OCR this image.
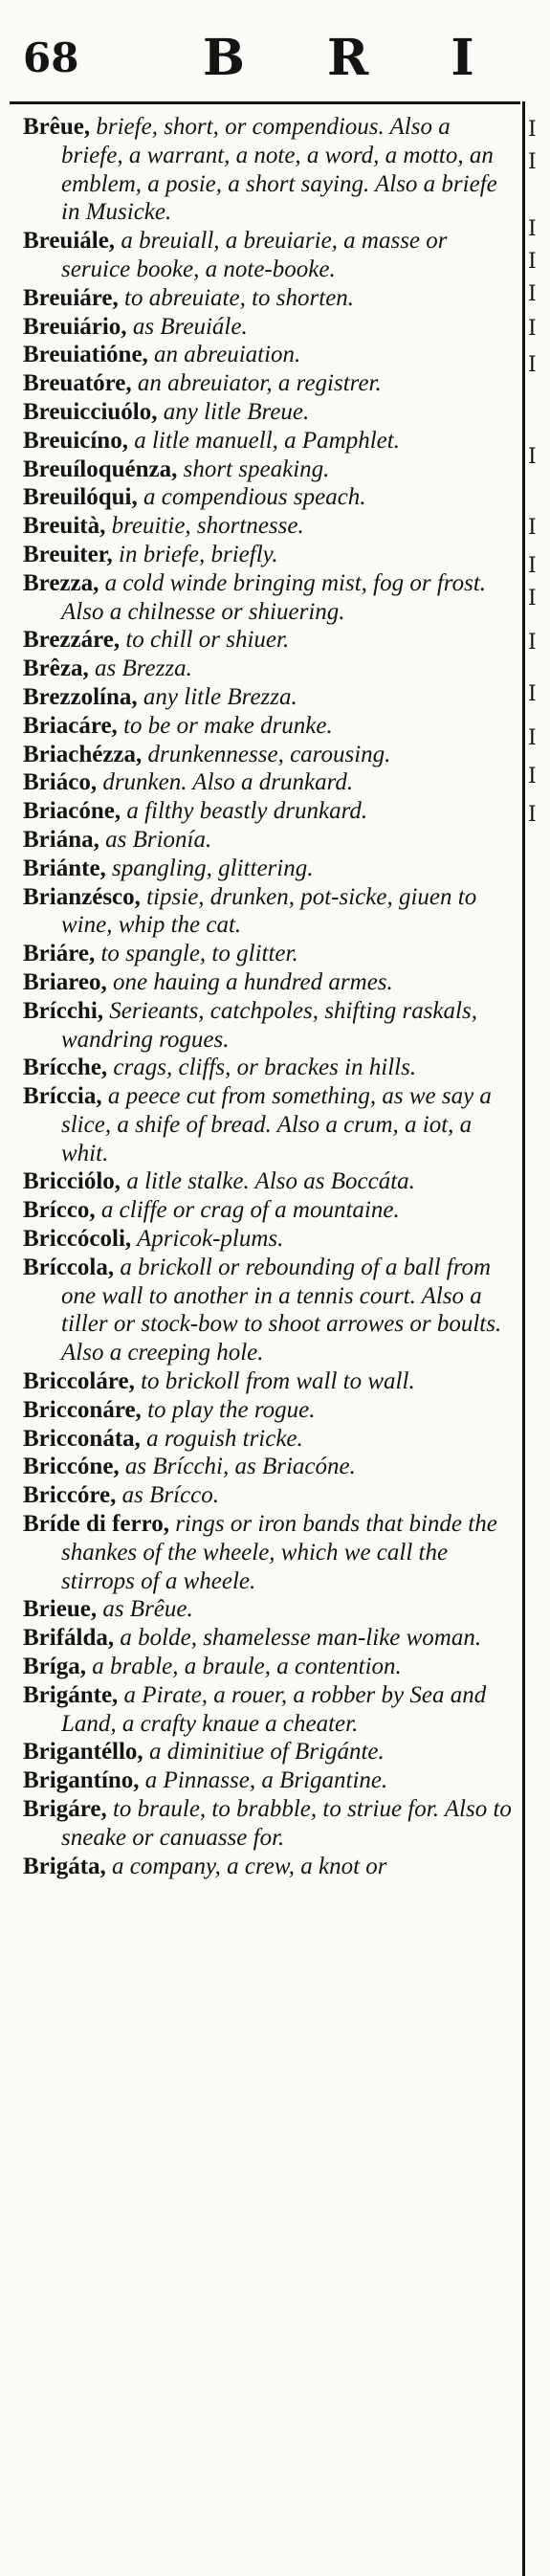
68 B R I

Brêue, briefe, short, or compendious. Also a briefe, a warrant, a note, a word, a motto, an emblem, a posie, a short saying. Also a briefe in Musicke.

Breuiále, a breuiall, a breuiarie, a masse or seruice booke, a note-booke.

Breuiáre, to abreuiate, to shorten.

Breuiário, as Breuiále.

Breuiatióne, an abreuiation.

Breuatóre, an abreuiator, a registrer.

Breuicciuólo, any litle Breue.

Breuicíno, a litle manuell, a Pamphlet.

Breuíloquénza, short speaking.

Breuilóqui, a compendious speach.

Breuità, breuitie, shortnesse.

Breuiter, in briefe, briefly.

Brezza, a cold winde bringing mist, fog or frost. Also a chilnesse or shiuering.

Brezzáre, to chill or shiuer.

Brêza, as Brezza.

Brezzolína, any litle Brezza.

Briacáre, to be or make drunke.

Briachézza, drunkennesse, carousing.

Briáco, drunken. Also a drunkard.

Briacóne, a filthy beastly drunkard.

Briána, as Brionía.

Briánte, spangling, glittering.

Brianzésco, tipsie, drunken, pot-sicke, giuen to wine, whip the cat.

Briáre, to spangle, to glitter.

Briareo, one hauing a hundred armes.

Brícchi, Serieants, catchpoles, shifting raskals, wandring rogues.

Brícche, crags, cliffs, or brackes in hills.

Bríccia, a peece cut from something, as we say a slice, a shife of bread. Also a crum, a iot, a whit.

Bricciólo, a litle stalke. Also as Boccáta.

Brícco, a cliffe or crag of a mountaine.

Briccócoli, Apricok-plums.

Bríccola, a brickoll or rebounding of a ball from one wall to another in a tennis court. Also a tiller or stock-bow to shoot arrowes or boults. Also a creeping hole.

Briccoláre, to brickoll from wall to wall.

Bricconáre, to play the rogue.

Bricconáta, a roguish tricke.

Briccóne, as Brícchi, as Briacóne.

Briccóre, as Brícco.

Bríde di ferro, rings or iron bands that binde the shankes of the wheele, which we call the stirrops of a wheele.

Brieue, as Brêue.

Brifálda, a bolde, shamelesse man-like woman.

Bríga, a brable, a braule, a contention.

Brigánte, a Pirate, a rouer, a robber by Sea and Land, a crafty knaue a cheater.

Brigantéllo, a diminitiue of Brigánte.

Brigantíno, a Pinnasse, a Brigantine.

Brigáre, to braule, to brabble, to striue for. Also to sneake or canuasse for.

Brigáta, a company, a crew, a knot or

I
I
I
I
I
I
I
I
I
I
I
I
I
I
I
I
